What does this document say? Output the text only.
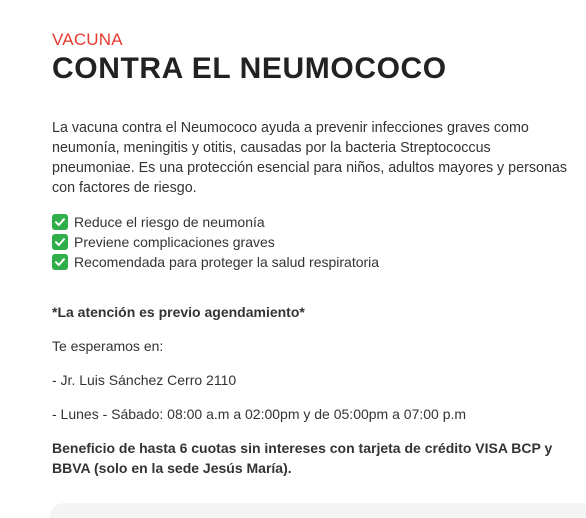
VACUNA

CONTRA EL NEUMOCOCO

La vacuna contra el Neumococo ayuda a prevenir infecciones graves como neumonía, meningitis y otitis, causadas por la bacteria Streptococcus pneumoniae. Es una protección esencial para niños, adultos mayores y personas con factores de riesgo.

Reduce el riesgo de neumonía
Previene complicaciones graves
Recomendada para proteger la salud respiratoria

*La atención es previo agendamiento*

Te esperamos en:

- Jr. Luis Sánchez Cerro 2110

- Lunes - Sábado: 08:00 a.m a 02:00pm y de 05:00pm a 07:00 p.m

Beneficio de hasta 6 cuotas sin intereses con tarjeta de crédito VISA BCP y BBVA (solo en la sede Jesús María).
